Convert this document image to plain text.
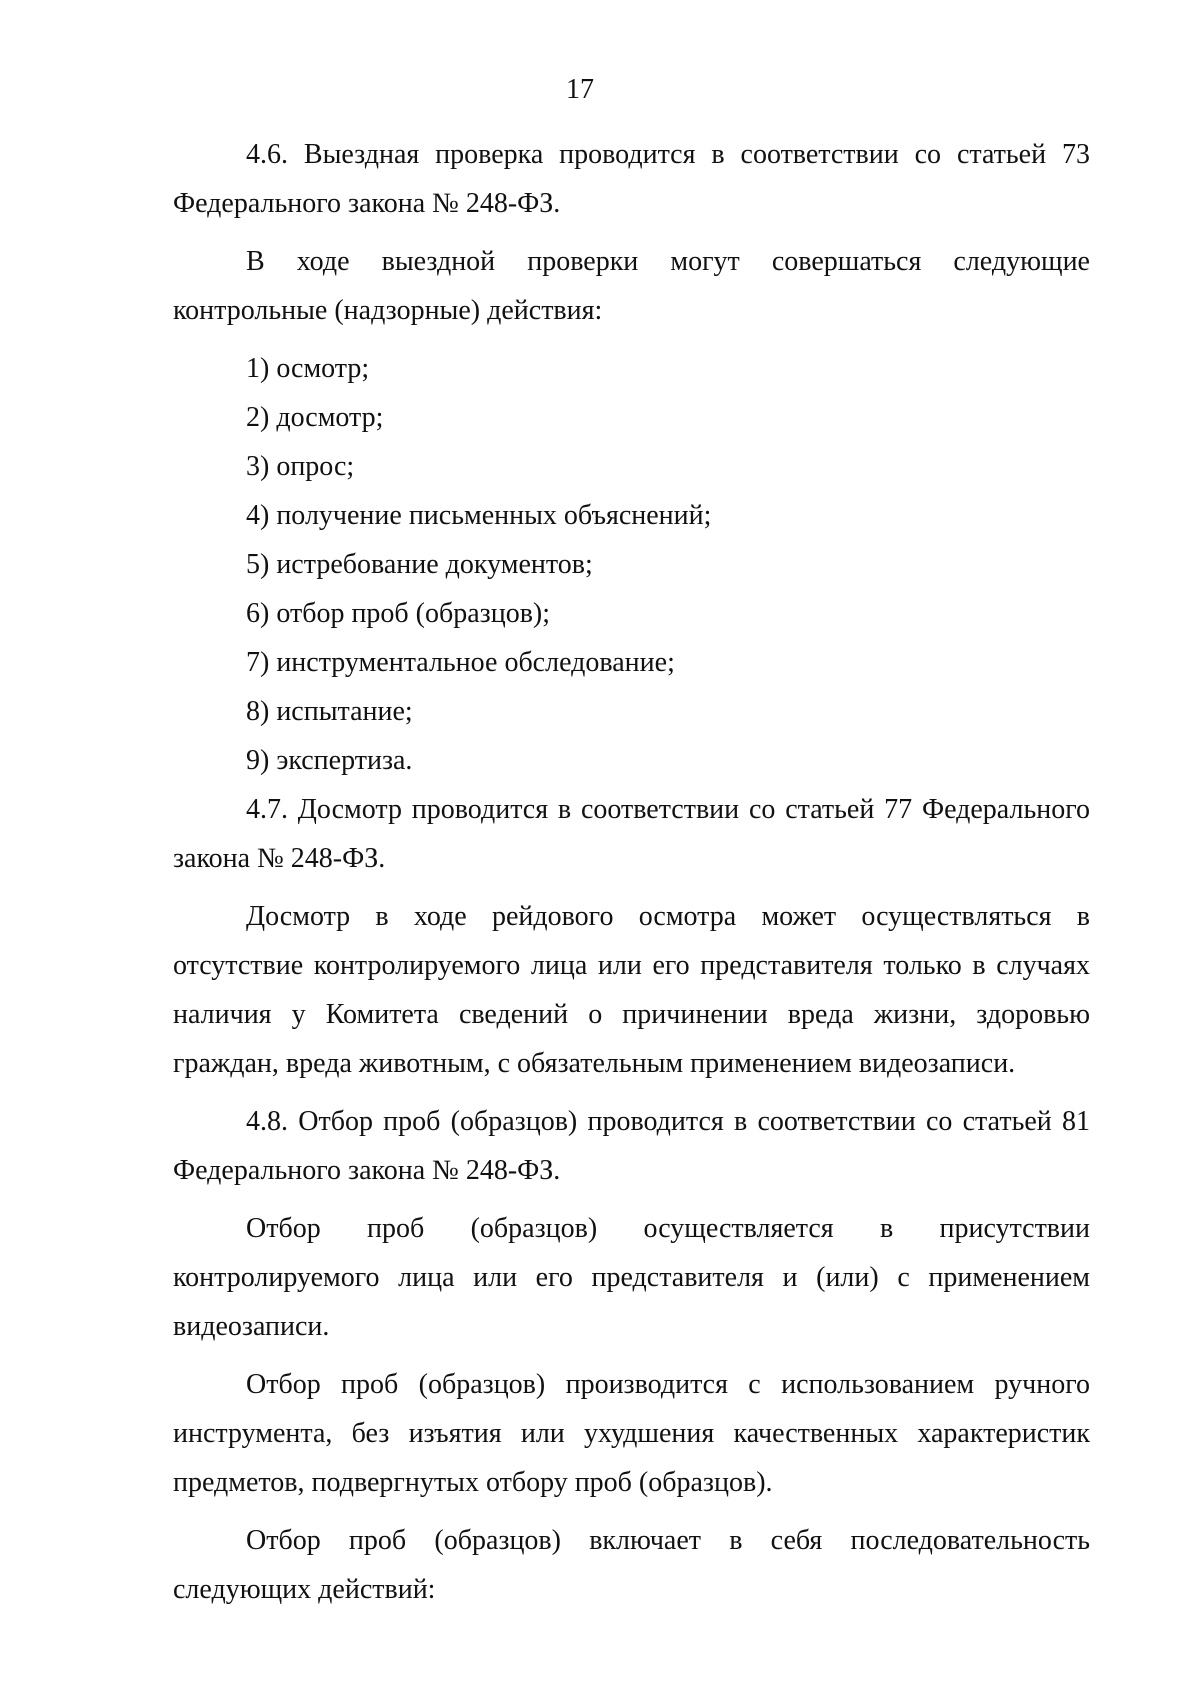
17

4.6. Выездная проверка проводится в соответствии со статьей 73 Федерального закона № 248-ФЗ.

В ходе выездной проверки могут совершаться следующие контрольные (надзорные) действия:

1) осмотр;
2) досмотр;
3) опрос;
4) получение письменных объяснений;
5) истребование документов;
6) отбор проб (образцов);
7) инструментальное обследование;
8) испытание;
9) экспертиза.

4.7. Досмотр проводится в соответствии со статьей 77 Федерального закона № 248-ФЗ.

Досмотр в ходе рейдового осмотра может осуществляться в отсутствие контролируемого лица или его представителя только в случаях наличия у Комитета сведений о причинении вреда жизни, здоровью граждан, вреда животным, с обязательным применением видеозаписи.

4.8. Отбор проб (образцов) проводится в соответствии со статьей 81 Федерального закона № 248-ФЗ.

Отбор проб (образцов) осуществляется в присутствии контролируемого лица или его представителя и (или) с применением видеозаписи.

Отбор проб (образцов) производится с использованием ручного инструмента, без изъятия или ухудшения качественных характеристик предметов, подвергнутых отбору проб (образцов).

Отбор проб (образцов) включает в себя последовательность следующих действий:
